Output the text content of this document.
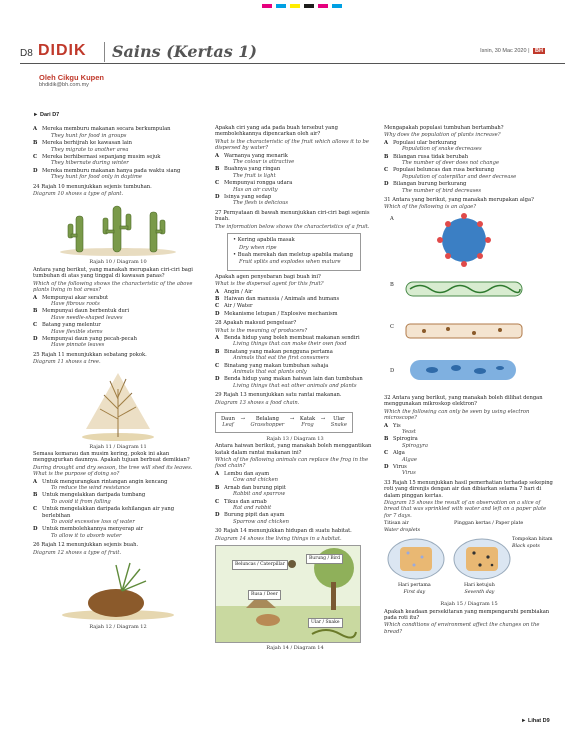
D8 DIDIK Sains (Kertas 1)	Isnin, 30 Mac 2020 | BH
Oleh Cikgu Kupen
bhdidik@bh.com.my

► Dari D7

A Mereka memburu makanan secara berkumpulan
They hunt for food in groups

B Mereka berhijrah ke kawasan lain
They migrate to another area

C Mereka berhibernasi sepanjang musim sejuk
They hibernate during winter

D Mereka memburu makanan hanya pada waktu siang
They hunt for food only in daytime

24 Rajah 10 menunjukkan sejenis tumbuhan.

Diagram 10 shows a type of plant.

Rajah 10 / Diagram 10

Antara yang berikut, yang manakah merupakan ciri-ciri bagi tumbuhan di atas yang tinggal di kawasan panas?

Which of the following shows the characteristic of the above plants living in hot areas?

A Mempunyai akar serabut
Have fibrous roots

B Mempunyai daun berbentuk duri
Have needle-shaped leaves

C Batang yang melentur
Have flexible stems

D Mempunyai daun yang pecah-pecah
Have pinnate leaves

25 Rajah 11 menunjukkan sebatang pokok.

Diagram 11 shows a tree.

Rajah 11 / Diagram 11

Semasa kemarau dan musim kering, pokok ini akan menggugurkan daunnya. Apakah tujuan berbuat demikian?

During drought and dry season, the tree will shed its leaves. What is the purpose of doing so?

A Untuk mengurangkan rintangan angin kencang
To reduce the wind resistance

B Untuk mengelakkan daripada tumbang
To avoid it from falling

C Untuk mengelakkan daripada kehilangan air yang berlebihan
To avoid excessive loss of water

D Untuk membolehkannya menyerap air
To allow it to absorb water

26 Rajah 12 menunjukkan sejenis buah.

Diagram 12 shows a type of fruit.

Rajah 12 / Diagram 12

Apakah ciri yang ada pada buah tersebut yang membolehkannya dipencarkan oleh air?

What is the characteristic of the fruit which allows it to be dispersed by water?

A Warnanya yang menarik
The colour is attractive

B Buahnya yang ringan
The fruit is light

C Mempunyai rongga udara
Has an air cavity

D Isinya yang sedap
The flesh is delicious

27 Pernyataan di bawah menunjukkan ciri-ciri bagi sejenis buah.

The information below shows the characteristics of a fruit.

• Kering apabila masak

Dry when ripe

• Buah merekah dan meletup apabila matang

Fruit splits and explodes when mature

Apakah agen penyebaran bagi buah ini?

What is the dispersal agent for this fruit?

A Angin / Air

B Haiwan dan manusia / Animals and humans

C Air / Water

D Mekanisme letupan / Explosive mechanism

28 Apakah maksud pengeluar?

What is the meaning of producers?

A Benda hidup yang boleh membuat makanan sendiri
Living things that can make their own food

B Binatang yang makan pengguna pertama
Animals that eat the first consumers

C Binatang yang makan tumbuhan sahaja
Animals that eat plants only

D Benda hidup yang makan haiwan lain dan tumbuhan
Living things that eat other animals and plants

29 Rajah 13 menunjukkan satu rantai makanan.

Diagram 13 shows a food chain.

Daun
Leaf
→	Belalang
Grasshopper
→ Katak
Frog
→	Ular
Snake

Rajah 13 / Diagram 13

Antara haiwan berikut, yang manakah boleh menggantikan katak dalam rantai makanan ini?

Which of the following animals can replace the frog in the food chain?

A Lembu dan ayam
Cow and chicken

B Arnab dan burung pipit
Rabbit and sparrow

C Tikus dan arnab
Rat and rabbit

D Burung pipit dan ayam
Sparrow and chicken

30 Rajah 14 menunjukkan hidupan di suatu habitat.

Diagram 14 shows the living things in a habitat.

Beluncas / Caterpillar
Burung / Bird
Rusa / Deer
Ular / Snake

Rajah 14 / Diagram 14

Mengapakah populasi tumbuhan bertambah?

Why does the population of plants increase?

A Populasi ular berkurang
Population of snake decreases

B Bilangan rusa tidak berubah
The number of deer does not change

C Populasi beluncas dan rusa berkurang
Population of caterpillar and deer decrease

D Bilangan burung berkurang
The number of bird decreases

31 Antara yang berikut, yang manakah merupakan alga?

Which of the following is an algae?

A
B
C
D

32 Antara yang berikut, yang manakah boleh dilihat dengan menggunakan mikroskop elektron?

Which the following can only be seen by using electron microscope?

A Yis
Yeast

B Spirogira
Spirogyra

C Alga
Algae

D Virus
Virus

33 Rajah 15 menunjukkan hasil pemerhatian terhadap sekeping roti yang direnjis dengan air dan dibiarkan selama 7 hari di dalam pinggan kertas.

Diagram 15 shows the result of an observation on a slice of bread that was sprinkled with water and left on a paper plate for 7 days.

Titisan air
Water droplets
Pinggan kertas / Paper plate
Tompokan hitam
Black spots
Hari pertama
First day
Hari ketujuh
Seventh day

Rajah 15 / Diagram 15

Apakah keadaan persekitaran yang mempengaruhi pembiakan pada roti itu?

Which conditions of environment affect the changes on the bread?

► Lihat D9
